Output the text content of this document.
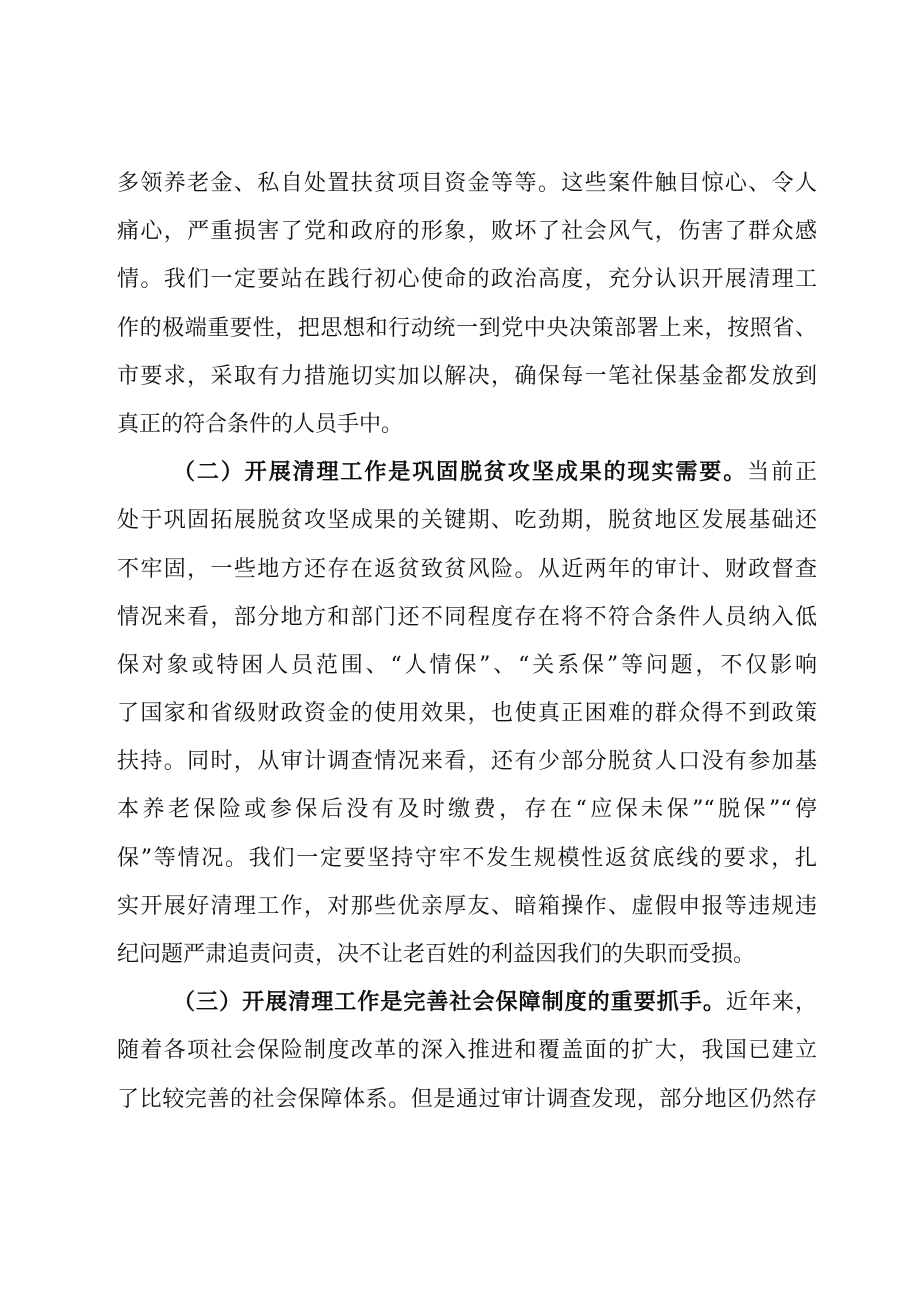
多领养老金、私自处置扶贫项目资金等等。这些案件触目惊心、令人
痛心，严重损害了党和政府的形象，败坏了社会风气，伤害了群众感
情。我们一定要站在践行初心使命的政治高度，充分认识开展清理工
作的极端重要性，把思想和行动统一到党中央决策部署上来，按照省、
市要求，采取有力措施切实加以解决，确保每一笔社保基金都发放到
真正的符合条件的人员手中。
（二）开展清理工作是巩固脱贫攻坚成果的现实需要。当前正
处于巩固拓展脱贫攻坚成果的关键期、吃劲期，脱贫地区发展基础还
不牢固，一些地方还存在返贫致贫风险。从近两年的审计、财政督查
情况来看，部分地方和部门还不同程度存在将不符合条件人员纳入低
保对象或特困人员范围、“人情保”、“关系保”等问题，不仅影响
了国家和省级财政资金的使用效果，也使真正困难的群众得不到政策
扶持。同时，从审计调查情况来看，还有少部分脱贫人口没有参加基
本养老保险或参保后没有及时缴费，存在“应保未保”“脱保”“停
保”等情况。我们一定要坚持守牢不发生规模性返贫底线的要求，扎
实开展好清理工作，对那些优亲厚友、暗箱操作、虚假申报等违规违
纪问题严肃追责问责，决不让老百姓的利益因我们的失职而受损。
（三）开展清理工作是完善社会保障制度的重要抓手。近年来，
随着各项社会保险制度改革的深入推进和覆盖面的扩大，我国已建立
了比较完善的社会保障体系。但是通过审计调查发现，部分地区仍然存
